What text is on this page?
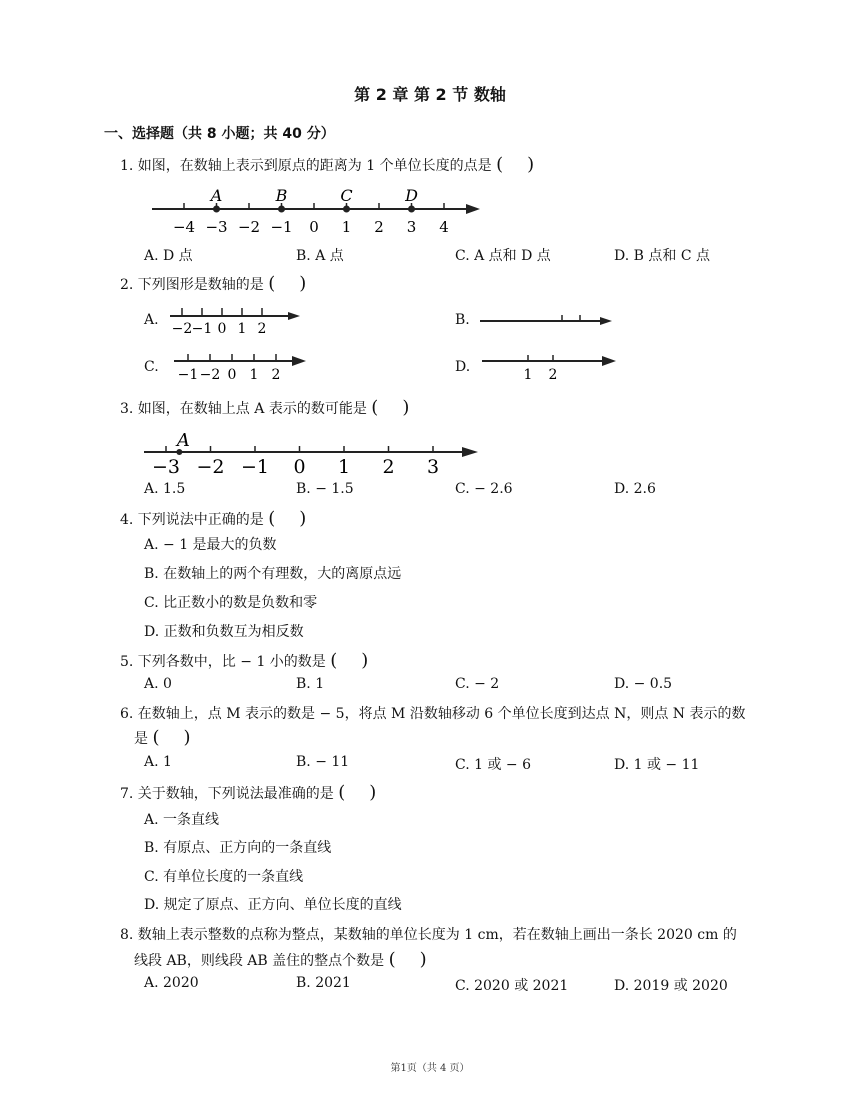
第 2 章 第 2 节 数轴
一、选择题（共 8 小题；共 40 分）
1. 如图，在数轴上表示到原点的距离为 1 个单位长度的点是 ( )
−4 −3 −2 −1 0 1 2 3 4
A	B	C	D
A. D 点	B. A 点	C. A 点和 D 点	D. B 点和 C 点
2. 下列图形是数轴的是 ( )
A.
−2 −1 0 1 2
B.
C. −1 −2 0 1 2	D.	1 2
3. 如图，在数轴上点 A 表示的数可能是 ( )
−3 −2 −1 0 1 2 3
A
A. 1.5	B. − 1.5	C. − 2.6	D. 2.6
4. 下列说法中正确的是 ( )
A. − 1 是最大的负数
B. 在数轴上的两个有理数，大的离原点远
C. 比正数小的数是负数和零
D. 正数和负数互为相反数
5. 下列各数中，比 − 1 小的数是 ( )
A. 0	B. 1	C. − 2	D. − 0.5
6. 在数轴上，点 M 表示的数是 − 5，将点 M 沿数轴移动 6 个单位长度到达点 N，则点 N 表示的数
是 ( )
A. 1	B. − 11	C. 1 或 − 6	D. 1 或 − 11
7. 关于数轴，下列说法最准确的是 ( )
A. 一条直线
B. 有原点、正方向的一条直线
C. 有单位长度的一条直线
D. 规定了原点、正方向、单位长度的直线
8. 数轴上表示整数的点称为整点，某数轴的单位长度为 1 cm，若在数轴上画出一条长 2020 cm 的
线段 AB，则线段 AB 盖住的整点个数是 ( )
A. 2020	B. 2021	C. 2020 或 2021	D. 2019 或 2020
第1页（共 4 页）
